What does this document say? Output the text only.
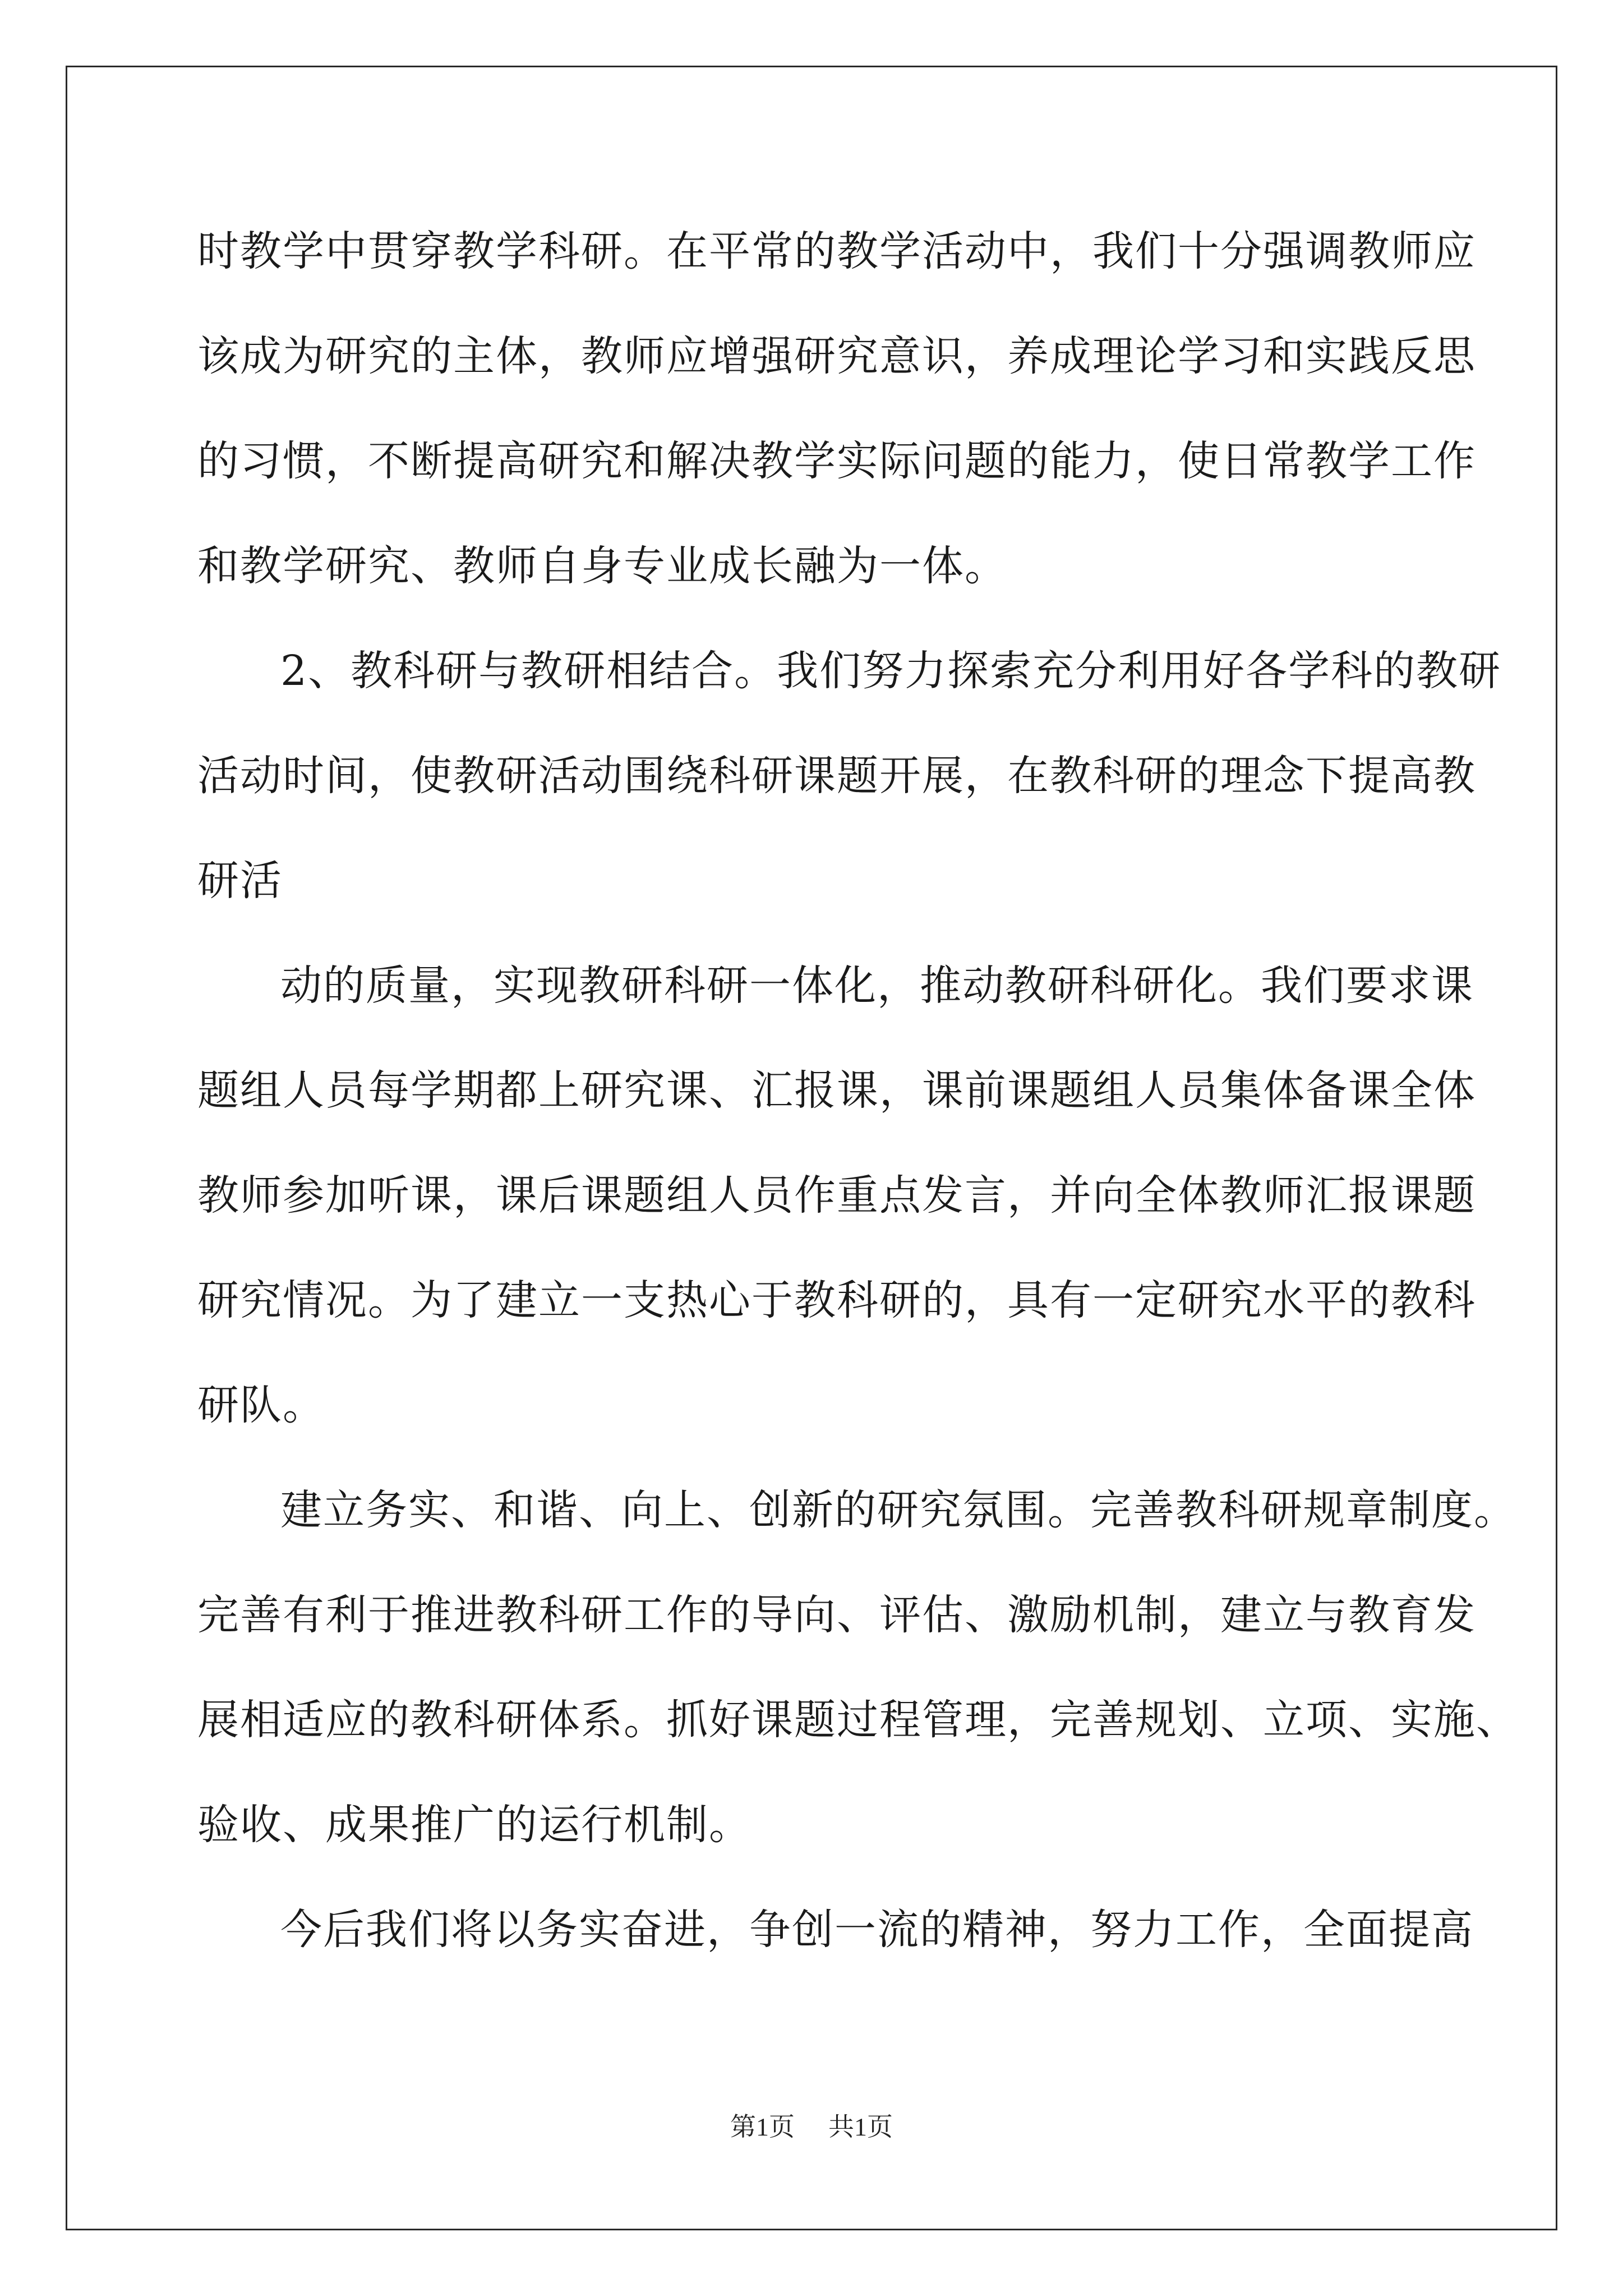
时教学中贯穿教学科研。在平常的教学活动中，我们十分强调教师应
该成为研究的主体，教师应增强研究意识，养成理论学习和实践反思
的习惯，不断提高研究和解决教学实际问题的能力，使日常教学工作
和教学研究、教师自身专业成长融为一体。
2、教科研与教研相结合。我们努力探索充分利用好各学科的教研
活动时间，使教研活动围绕科研课题开展，在教科研的理念下提高教
研活
动的质量，实现教研科研一体化，推动教研科研化。我们要求课
题组人员每学期都上研究课、汇报课，课前课题组人员集体备课全体
教师参加听课，课后课题组人员作重点发言，并向全体教师汇报课题
研究情况。为了建立一支热心于教科研的，具有一定研究水平的教科
研队。
建立务实、和谐、向上、创新的研究氛围。完善教科研规章制度。
完善有利于推进教科研工作的导向、评估、激励机制，建立与教育发
展相适应的教科研体系。抓好课题过程管理，完善规划、立项、实施、
验收、成果推广的运行机制。
今后我们将以务实奋进，争创一流的精神，努力工作，全面提高
第1页 共1页
